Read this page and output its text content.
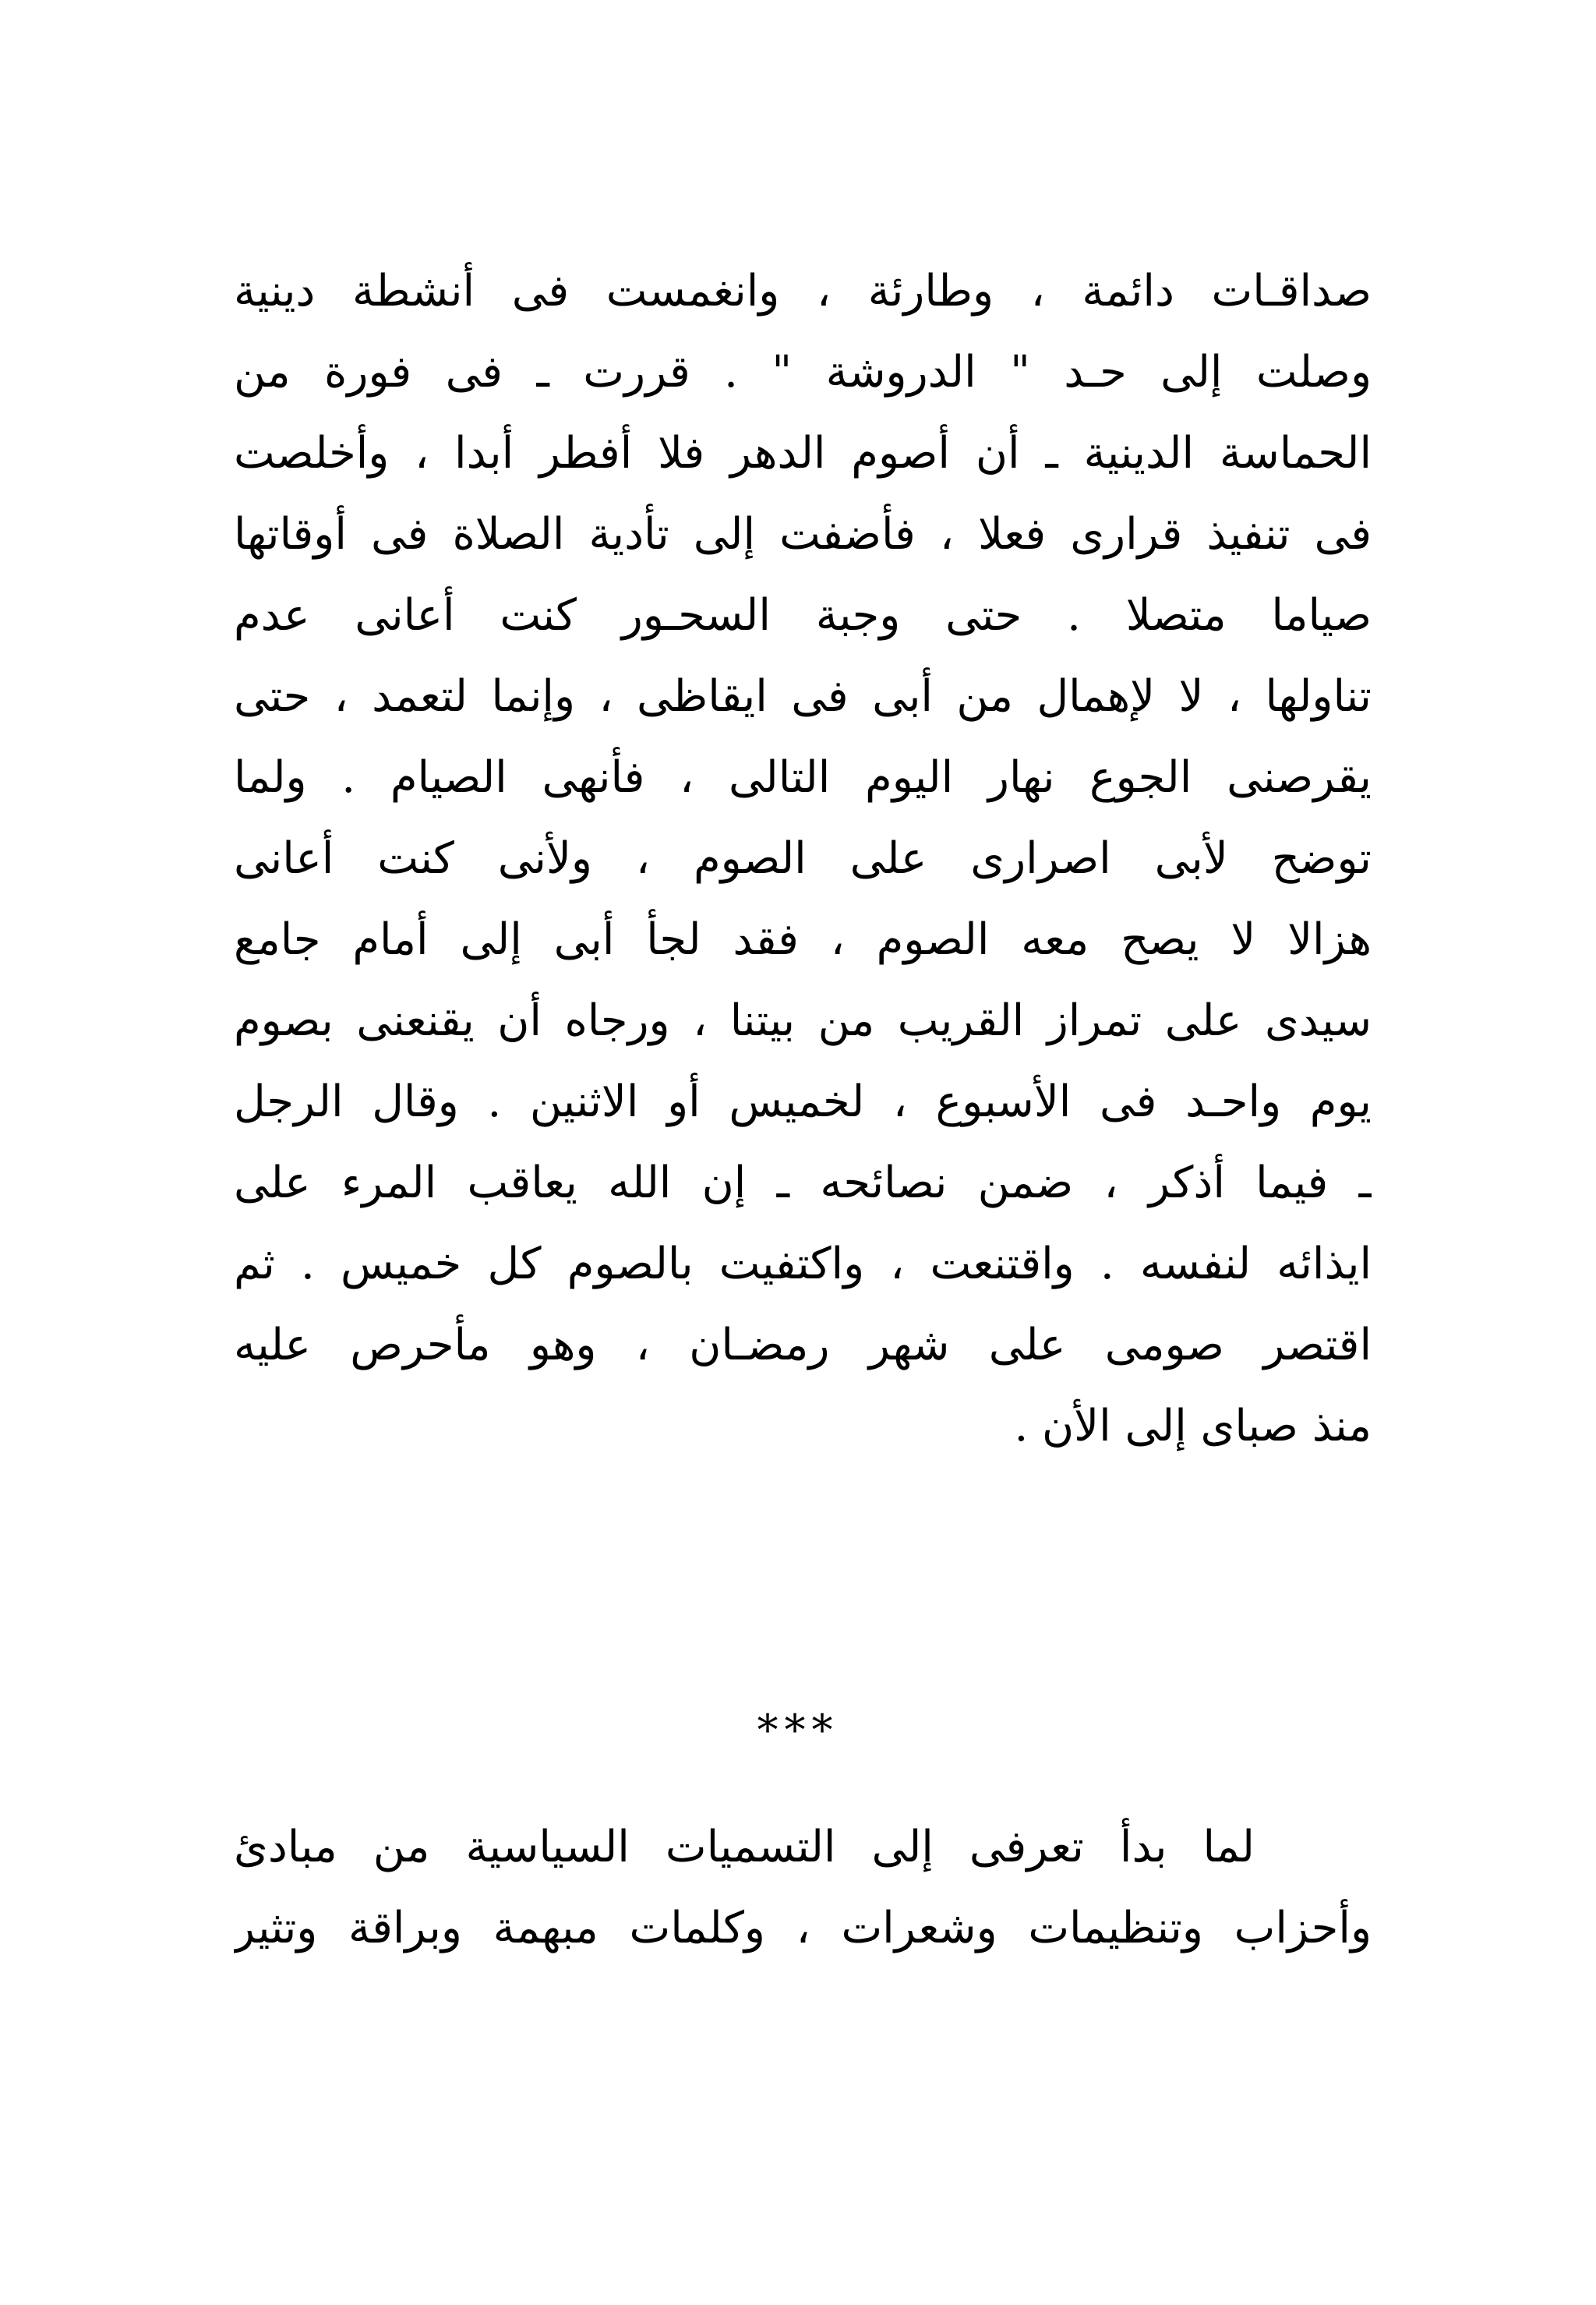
صداقـات دائمة ، وطارئة ، وانغمست فى أنشطة دينية
وصلت إلى حـد " الدروشة " . قررت ـ فى فورة من
الحماسة الدينية ـ أن أصوم الدهر فلا أفطر أبدا ، وأخلصت
فى تنفيذ قرارى فعلا ، فأضفت إلى تأدية الصلاة فى أوقاتها
صياما متصلا . حتى وجبة السحـور كنت أعانى عدم
تناولها ، لا لإهمال من أبى فى ايقاظى ، وإنما لتعمد ، حتى
يقرصنى الجوع نهار اليوم التالى ، فأنهى الصيام . ولما
توضح لأبى اصرارى على الصوم ، ولأنى كنت أعانى
هزالا لا يصح معه الصوم ، فقد لجأ أبى إلى أمام جامع
سيدى على تمراز القريب من بيتنا ، ورجاه أن يقنعنى بصوم
يوم واحـد فى الأسبوع ، لخميس أو الاثنين . وقال الرجل
ـ فيما أذكر ، ضمن نصائحه ـ إن الله يعاقب المرء على
ايذائه لنفسه . واقتنعت ، واكتفيت بالصوم كل خميس . ثم
اقتصر صومى على شهر رمضـان ، وهو مأحرص عليه
منذ صباى إلى الأن .
***
لما بدأ تعرفى إلى التسميات السياسية من مبادئ
وأحزاب وتنظيمات وشعرات ، وكلمات مبهمة وبراقة وتثير
